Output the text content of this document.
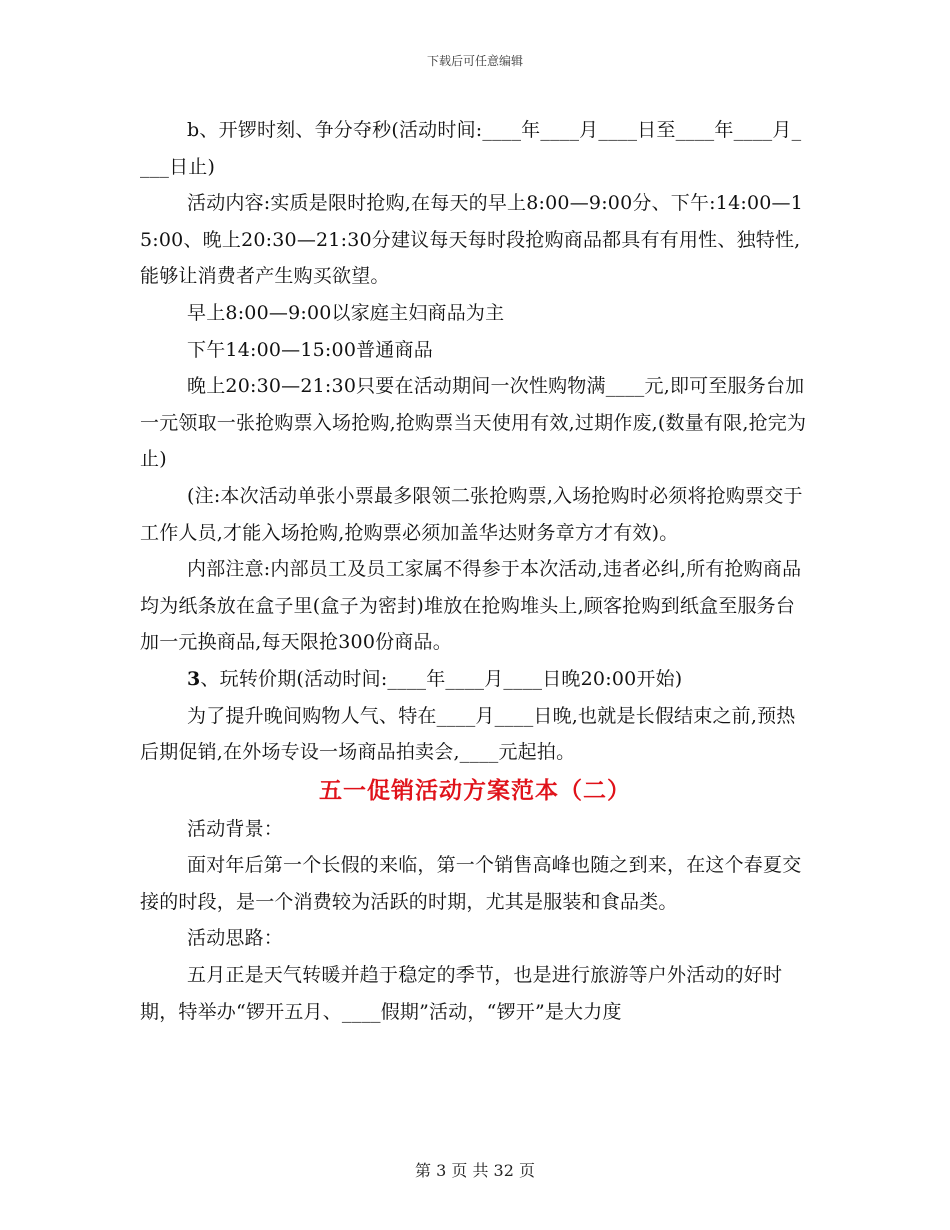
下载后可任意编辑

b、开锣时刻、争分夺秒(活动时间:____年____月____日至____年____月____日止)

活动内容:实质是限时抢购,在每天的早上8:00—9:00分、下午:14:00—15:00、晚上20:30—21:30分建议每天每时段抢购商品都具有有用性、独特性,能够让消费者产生购买欲望。

早上8:00—9:00以家庭主妇商品为主

下午14:00—15:00普通商品

晚上20:30—21:30只要在活动期间一次性购物满____元,即可至服务台加一元领取一张抢购票入场抢购,抢购票当天使用有效,过期作废,(数量有限,抢完为止)

(注:本次活动单张小票最多限领二张抢购票,入场抢购时必须将抢购票交于工作人员,才能入场抢购,抢购票必须加盖华达财务章方才有效)。

内部注意:内部员工及员工家属不得参于本次活动,违者必纠,所有抢购商品均为纸条放在盒子里(盒子为密封)堆放在抢购堆头上,顾客抢购到纸盒至服务台加一元换商品,每天限抢300份商品。

3、玩转价期(活动时间:____年____月____日晚20:00开始)

为了提升晚间购物人气、特在____月____日晚,也就是长假结束之前,预热后期促销,在外场专设一场商品拍卖会,____元起拍。

五一促销活动方案范本（二）

活动背景：

面对年后第一个长假的来临，第一个销售高峰也随之到来，在这个春夏交接的时段，是一个消费较为活跃的时期，尤其是服装和食品类。

活动思路：

五月正是天气转暖并趋于稳定的季节，也是进行旅游等户外活动的好时期，特举办“锣开五月、____假期”活动，“锣开”是大力度

第 3 页 共 32 页
